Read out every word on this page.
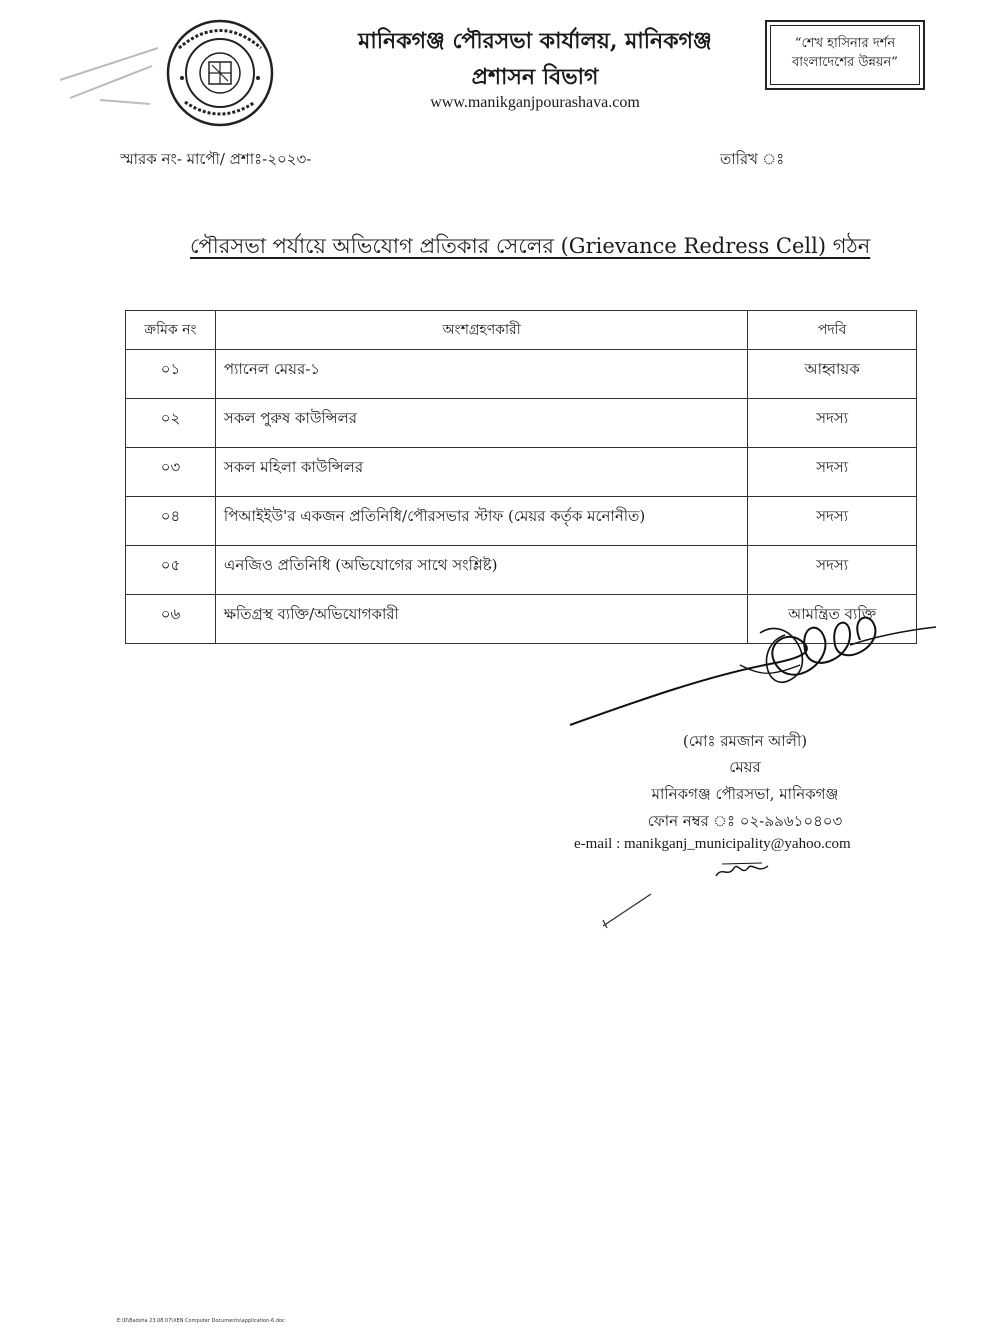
মানিকগঞ্জ পৌরসভা কার্যালয়, মানিকগঞ্জ
প্রশাসন বিভাগ
www.manikganjpourashava.com
“শেখ হাসিনার দর্শন
বাংলাদেশের উন্নয়ন”
স্মারক নং- মাপৌ/ প্রশাঃ-২০২৩-	তারিখ ঃ
পৌরসভা পর্যায়ে অভিযোগ প্রতিকার সেলের (Grievance Redress Cell) গঠন
ক্রমিক নং	অংশগ্রহণকারী	পদবি
০১	প্যানেল মেয়র-১	আহ্বায়ক
০২	সকল পুরুষ কাউন্সিলর	সদস্য
০৩	সকল মহিলা কাউন্সিলর	সদস্য
০৪	পিআইইউ'র একজন প্রতিনিধি/পৌরসভার স্টাফ (মেয়র কর্তৃক মনোনীত)	সদস্য
০৫	এনজিও প্রতিনিধি (অভিযোগের সাথে সংশ্লিষ্ট)	সদস্য
০৬	ক্ষতিগ্রস্থ ব্যক্তি/অভিযোগকারী	আমন্ত্রিত ব্যক্তি
(মোঃ রমজান আলী)
মেয়র
মানিকগঞ্জ পৌরসভা, মানিকগঞ্জ
ফোন নম্বর ঃ ০২-৯৯৬১০৪০৩
e-mail : manikganj_municipality@yahoo.com
E:\D\Badsha 23.08.07\XEN Computer Documents\application-6.doc
